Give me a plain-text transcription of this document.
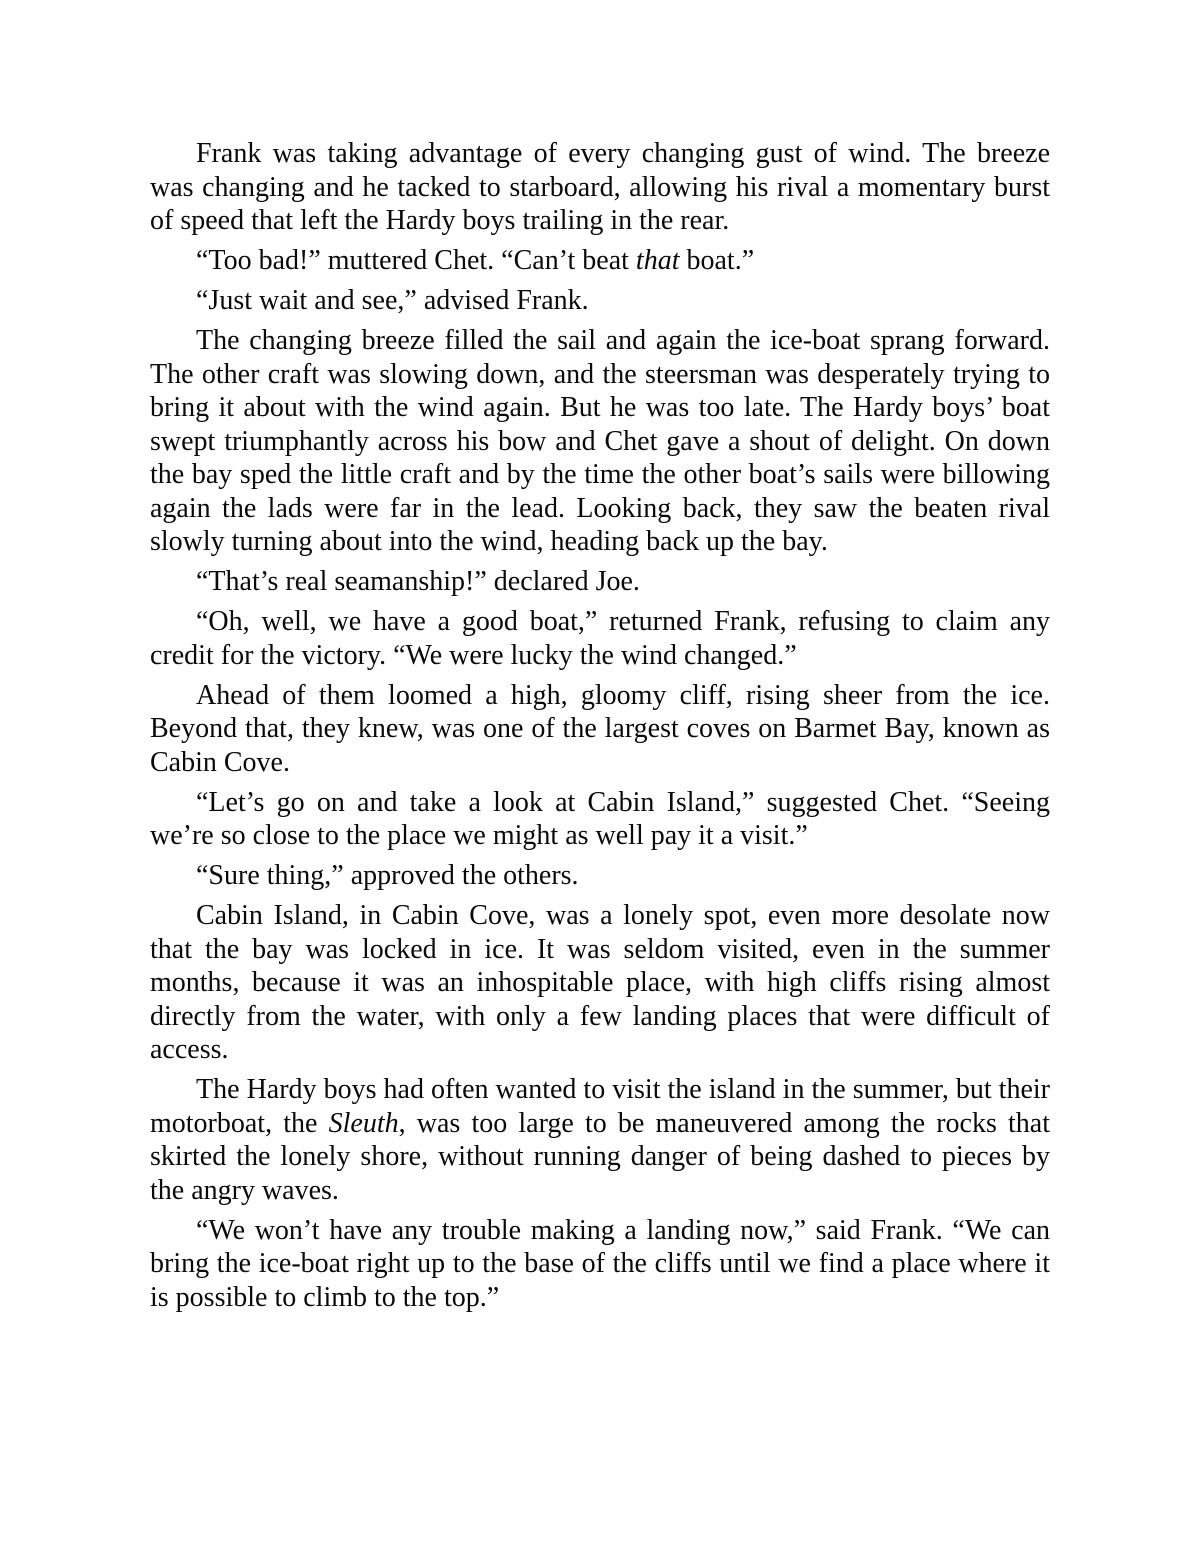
Frank was taking advantage of every changing gust of wind. The breeze was changing and he tacked to starboard, allowing his rival a momentary burst of speed that left the Hardy boys trailing in the rear.

“Too bad!” muttered Chet. “Can’t beat that boat.”

“Just wait and see,” advised Frank.

The changing breeze filled the sail and again the ice-boat sprang forward. The other craft was slowing down, and the steersman was desperately trying to bring it about with the wind again. But he was too late. The Hardy boys’ boat swept triumphantly across his bow and Chet gave a shout of delight. On down the bay sped the little craft and by the time the other boat’s sails were billowing again the lads were far in the lead. Looking back, they saw the beaten rival slowly turning about into the wind, heading back up the bay.

“That’s real seamanship!” declared Joe.

“Oh, well, we have a good boat,” returned Frank, refusing to claim any credit for the victory. “We were lucky the wind changed.”

Ahead of them loomed a high, gloomy cliff, rising sheer from the ice. Beyond that, they knew, was one of the largest coves on Barmet Bay, known as Cabin Cove.

“Let’s go on and take a look at Cabin Island,” suggested Chet. “Seeing we’re so close to the place we might as well pay it a visit.”

“Sure thing,” approved the others.

Cabin Island, in Cabin Cove, was a lonely spot, even more desolate now that the bay was locked in ice. It was seldom visited, even in the summer months, because it was an inhospitable place, with high cliffs rising almost directly from the water, with only a few landing places that were difficult of access.

The Hardy boys had often wanted to visit the island in the summer, but their motorboat, the Sleuth, was too large to be maneuvered among the rocks that skirted the lonely shore, without running danger of being dashed to pieces by the angry waves.

“We won’t have any trouble making a landing now,” said Frank. “We can bring the ice-boat right up to the base of the cliffs until we find a place where it is possible to climb to the top.”
